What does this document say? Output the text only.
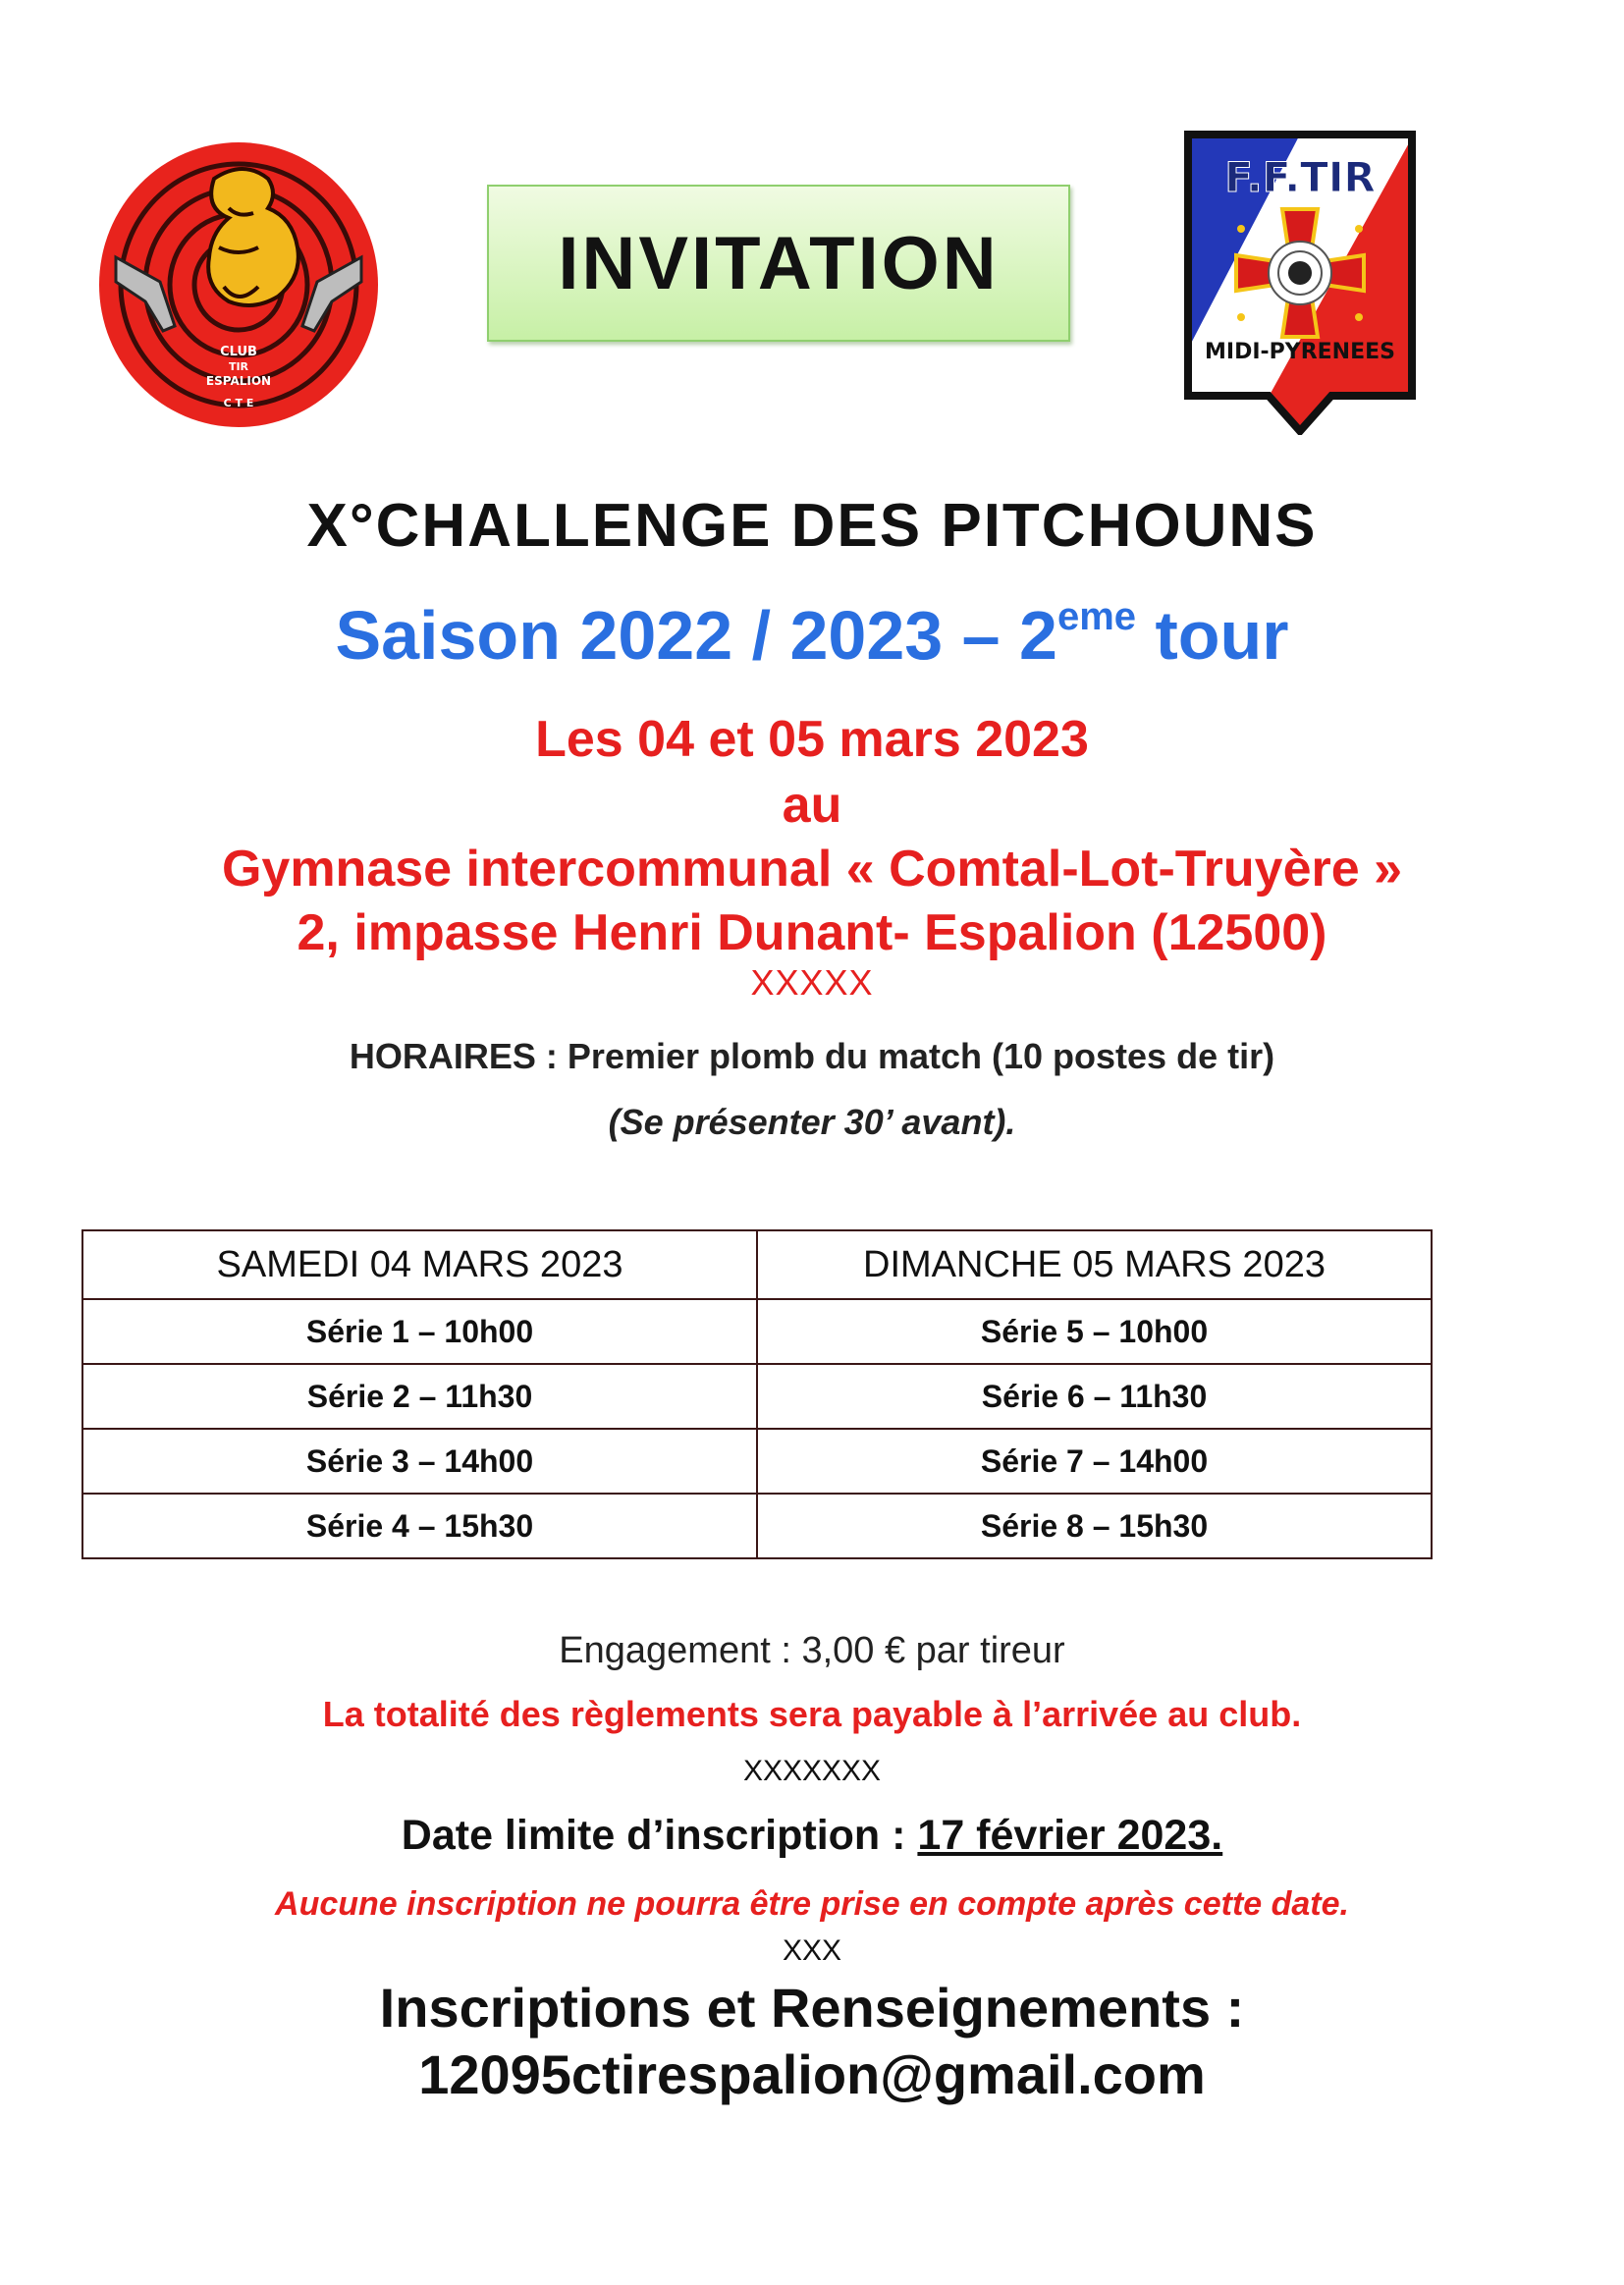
CLUB
TIR
ESPALION
C T E
INVITATION
F.F.TIR
MIDI-PYRENEES
X°CHALLENGE DES PITCHOUNS
Saison 2022 / 2023 – 2eme tour
Les 04 et 05 mars 2023
au
Gymnase intercommunal « Comtal-Lot-Truyère »
2, impasse Henri Dunant- Espalion (12500)
XXXXX
HORAIRES : Premier plomb du match (10 postes de tir)
(Se présenter 30’ avant).
SAMEDI 04 MARS 2023	DIMANCHE 05 MARS 2023
Série 1 – 10h00	Série 5 – 10h00
Série 2 – 11h30	Série 6 – 11h30
Série 3 – 14h00	Série 7 – 14h00
Série 4 – 15h30	Série 8 – 15h30
Engagement : 3,00 € par tireur
La totalité des règlements sera payable à l’arrivée au club.
XXXXXXX
Date limite d’inscription : 17 février 2023.
Aucune inscription ne pourra être prise en compte après cette date.
XXX
Inscriptions et Renseignements :
12095ctirespalion@gmail.com
